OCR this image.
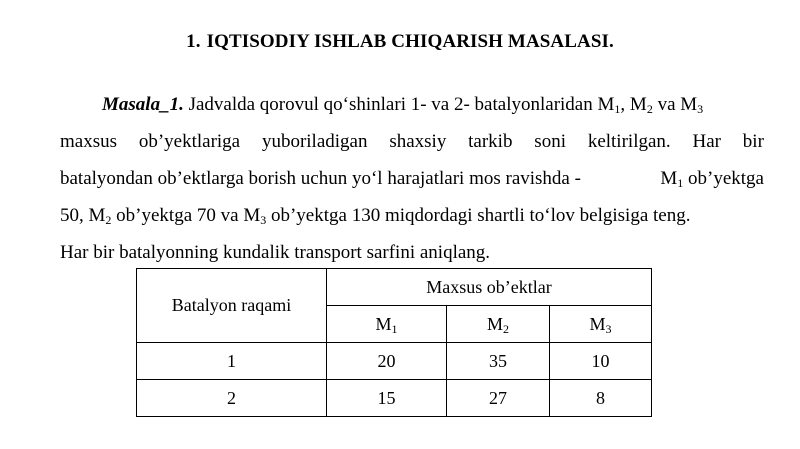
1. IQTISODIY ISHLAB CHIQARISH MASALASI.
Masala_1. Jadvalda qorovul qo‘shinlari 1- va 2- batalyonlaridan $M_1$, $M_2$ va $M_3$
maxsus ob’yektlariga yuboriladigan shaxsiy tarkib soni keltirilgan. Har bir
batalyondan ob’ektlarga borish uchun yo‘l harajatlari mos ravishda -	$M_1$ ob’yektga
50, $M_2$ ob’yektga 70 va $M_3$ ob’yektga 130 miqdordagi shartli to‘lov belgisiga teng.
Har bir batalyonning kundalik transport sarfini aniqlang.
Batalyon raqami	Maxsus ob’ektlar		
	$M_1$	$M_2$	$M_3$
1	20	35	10
2	15	27	8
